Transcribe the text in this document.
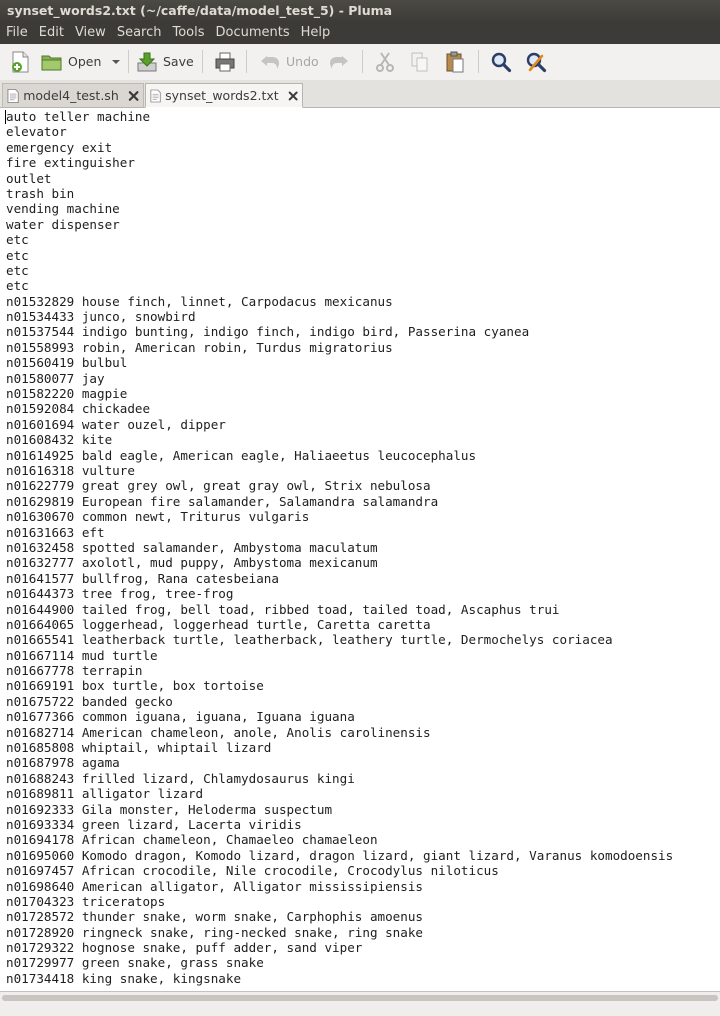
synset_words2.txt (~/caffe/data/model_test_5) - Pluma
File Edit View Search Tools Documents Help
Open	Save	Undo
model4_test.sh	synset_words2.txt
auto teller machine
elevator
emergency exit
fire extinguisher
outlet
trash bin
vending machine
water dispenser
etc
etc
etc
etc
n01532829 house finch, linnet, Carpodacus mexicanus
n01534433 junco, snowbird
n01537544 indigo bunting, indigo finch, indigo bird, Passerina cyanea
n01558993 robin, American robin, Turdus migratorius
n01560419 bulbul
n01580077 jay
n01582220 magpie
n01592084 chickadee
n01601694 water ouzel, dipper
n01608432 kite
n01614925 bald eagle, American eagle, Haliaeetus leucocephalus
n01616318 vulture
n01622779 great grey owl, great gray owl, Strix nebulosa
n01629819 European fire salamander, Salamandra salamandra
n01630670 common newt, Triturus vulgaris
n01631663 eft
n01632458 spotted salamander, Ambystoma maculatum
n01632777 axolotl, mud puppy, Ambystoma mexicanum
n01641577 bullfrog, Rana catesbeiana
n01644373 tree frog, tree-frog
n01644900 tailed frog, bell toad, ribbed toad, tailed toad, Ascaphus trui
n01664065 loggerhead, loggerhead turtle, Caretta caretta
n01665541 leatherback turtle, leatherback, leathery turtle, Dermochelys coriacea
n01667114 mud turtle
n01667778 terrapin
n01669191 box turtle, box tortoise
n01675722 banded gecko
n01677366 common iguana, iguana, Iguana iguana
n01682714 American chameleon, anole, Anolis carolinensis
n01685808 whiptail, whiptail lizard
n01687978 agama
n01688243 frilled lizard, Chlamydosaurus kingi
n01689811 alligator lizard
n01692333 Gila monster, Heloderma suspectum
n01693334 green lizard, Lacerta viridis
n01694178 African chameleon, Chamaeleo chamaeleon
n01695060 Komodo dragon, Komodo lizard, dragon lizard, giant lizard, Varanus komodoensis
n01697457 African crocodile, Nile crocodile, Crocodylus niloticus
n01698640 American alligator, Alligator mississipiensis
n01704323 triceratops
n01728572 thunder snake, worm snake, Carphophis amoenus
n01728920 ringneck snake, ring-necked snake, ring snake
n01729322 hognose snake, puff adder, sand viper
n01729977 green snake, grass snake
n01734418 king snake, kingsnake
